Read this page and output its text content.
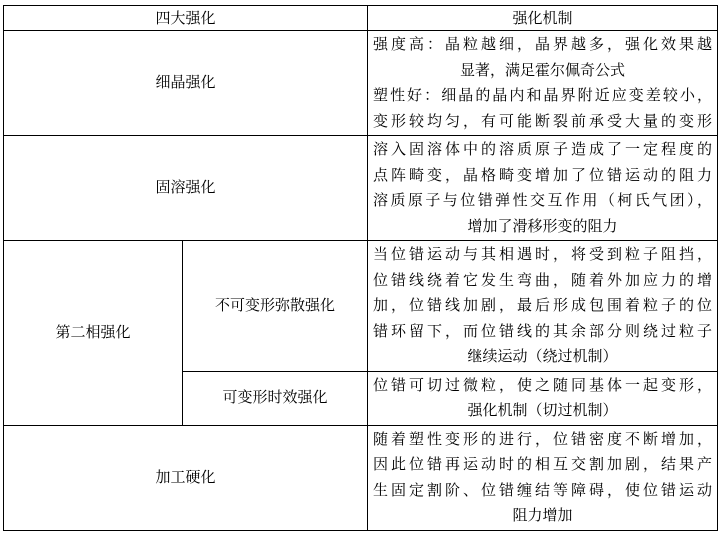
四大强化		强化机制
细晶强化		强度高：晶粒越细，晶界越多，强化效果越
显著，满足霍尔佩奇公式
塑性好：细晶的晶内和晶界附近应变差较小，
变形较均匀，有可能断裂前承受大量的变形

固溶强化		溶入固溶体中的溶质原子造成了一定程度的
点阵畸变，晶格畸变增加了位错运动的阻力
溶质原子与位错弹性交互作用（柯氏气团），
增加了滑移形变的阻力

第二相强化	不可变形弥散强化	当位错运动与其相遇时，将受到粒子阻挡，
位错线绕着它发生弯曲，随着外加应力的增
加，位错线加剧，最后形成包围着粒子的位
错环留下，而位错线的其余部分则绕过粒子
继续运动（绕过机制）

	可变形时效强化	位错可切过微粒，使之随同基体一起变形，
强化机制（切过机制）

加工硬化		随着塑性变形的进行，位错密度不断增加，
因此位错再运动时的相互交割加剧，结果产
生固定割阶、位错缠结等障碍，使位错运动
阻力增加
